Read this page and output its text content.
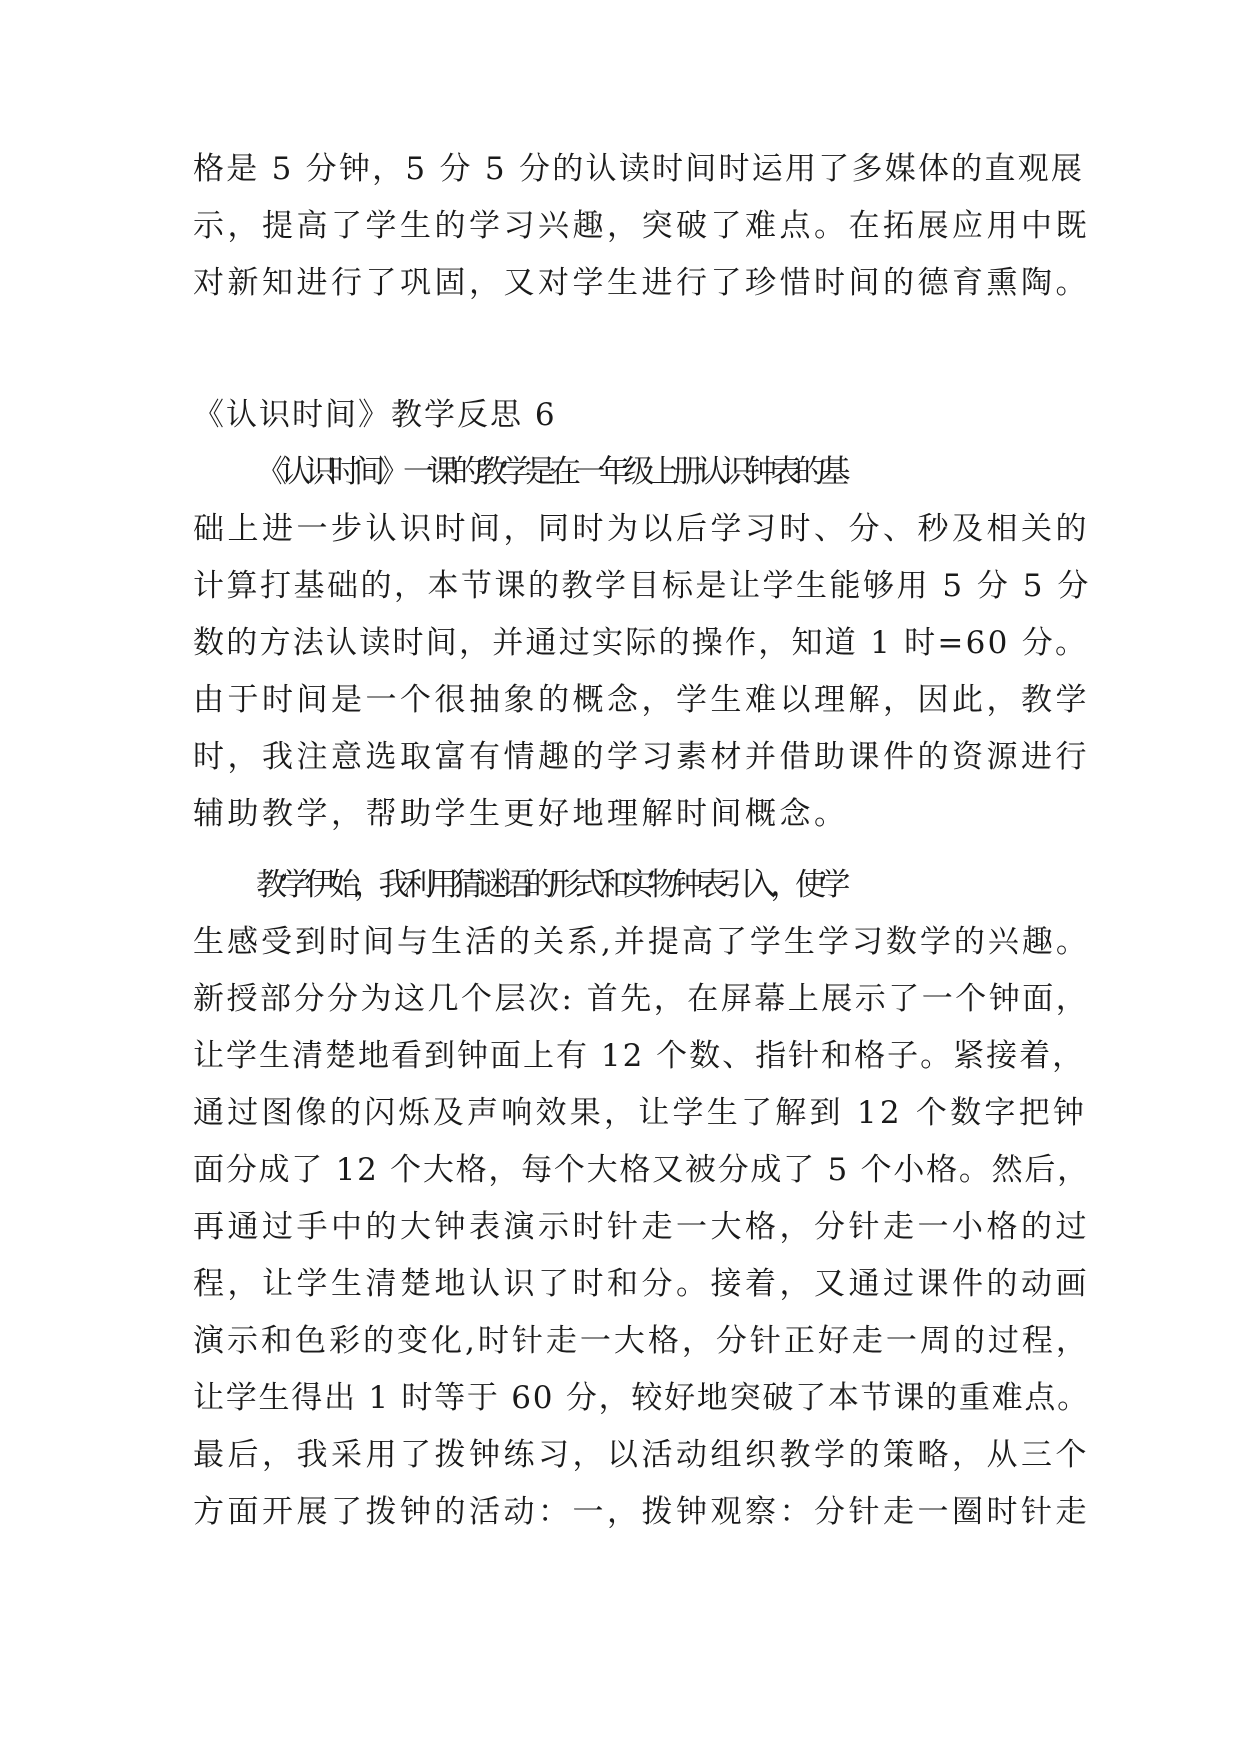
格是 5 分钟，5 分 5 分的认读时间时运用了多媒体的直观展
示，提高了学生的学习兴趣，突破了难点。在拓展应用中既
对新知进行了巩固，又对学生进行了珍惜时间的德育熏陶。
《认识时间》教学反思 6
《认识时间》一课的教学是在一年级上册认识钟表的基
础上进一步认识时间，同时为以后学习时、分、秒及相关的
计算打基础的，本节课的教学目标是让学生能够用 5 分 5 分
数的方法认读时间，并通过实际的操作，知道 1 时=60 分。
由于时间是一个很抽象的概念，学生难以理解，因此，教学
时，我注意选取富有情趣的学习素材并借助课件的资源进行
辅助教学，帮助学生更好地理解时间概念。
教学伊始，我利用猜谜语的形式和实物钟表引入，使学
生感受到时间与生活的关系,并提高了学生学习数学的兴趣。
新授部分分为这几个层次: 首先，在屏幕上展示了一个钟面，
让学生清楚地看到钟面上有 12 个数、指针和格子。紧接着，
通过图像的闪烁及声响效果，让学生了解到 12 个数字把钟
面分成了 12 个大格，每个大格又被分成了 5 个小格。然后，
再通过手中的大钟表演示时针走一大格，分针走一小格的过
程，让学生清楚地认识了时和分。接着，又通过课件的动画
演示和色彩的变化,时针走一大格，分针正好走一周的过程，
让学生得出 1 时等于 60 分，较好地突破了本节课的重难点。
最后，我采用了拨钟练习，以活动组织教学的策略，从三个
方面开展了拨钟的活动：一，拨钟观察：分针走一圈时针走
